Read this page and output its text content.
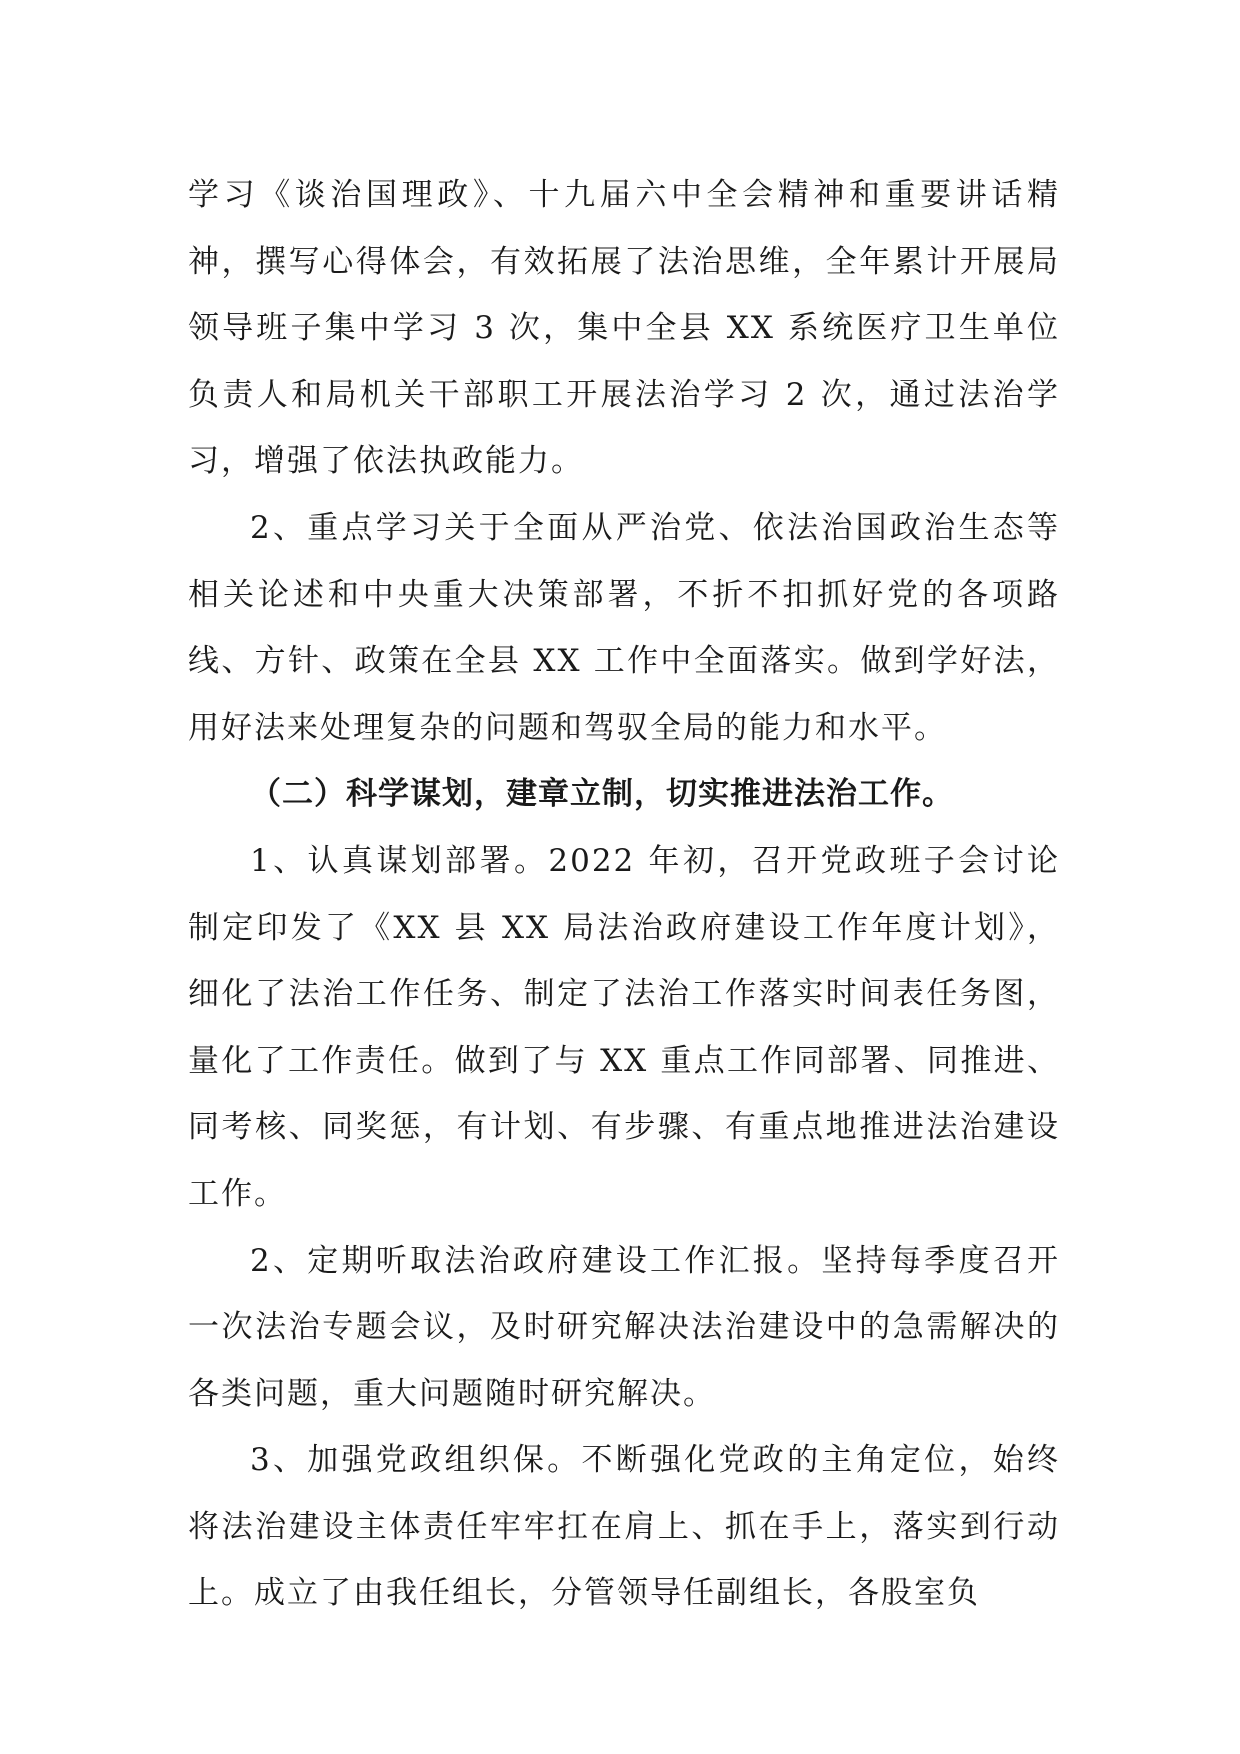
学习《谈治国理政》、十九届六中全会精神和重要讲话精神，撰写心得体会，有效拓展了法治思维，全年累计开展局领导班子集中学习 3 次，集中全县 XX 系统医疗卫生单位负责人和局机关干部职工开展法治学习 2 次，通过法治学习，增强了依法执政能力。

2、重点学习关于全面从严治党、依法治国政治生态等相关论述和中央重大决策部署，不折不扣抓好党的各项路线、方针、政策在全县 XX 工作中全面落实。做到学好法，用好法来处理复杂的问题和驾驭全局的能力和水平。

（二）科学谋划，建章立制，切实推进法治工作。

1、认真谋划部署。2022 年初，召开党政班子会讨论制定印发了《XX 县 XX 局法治政府建设工作年度计划》，细化了法治工作任务、制定了法治工作落实时间表任务图，量化了工作责任。做到了与 XX 重点工作同部署、同推进、同考核、同奖惩，有计划、有步骤、有重点地推进法治建设工作。

2、定期听取法治政府建设工作汇报。坚持每季度召开一次法治专题会议，及时研究解决法治建设中的急需解决的各类问题，重大问题随时研究解决。

3、加强党政组织保。不断强化党政的主角定位，始终将法治建设主体责任牢牢扛在肩上、抓在手上，落实到行动上。成立了由我任组长，分管领导任副组长，各股室负
